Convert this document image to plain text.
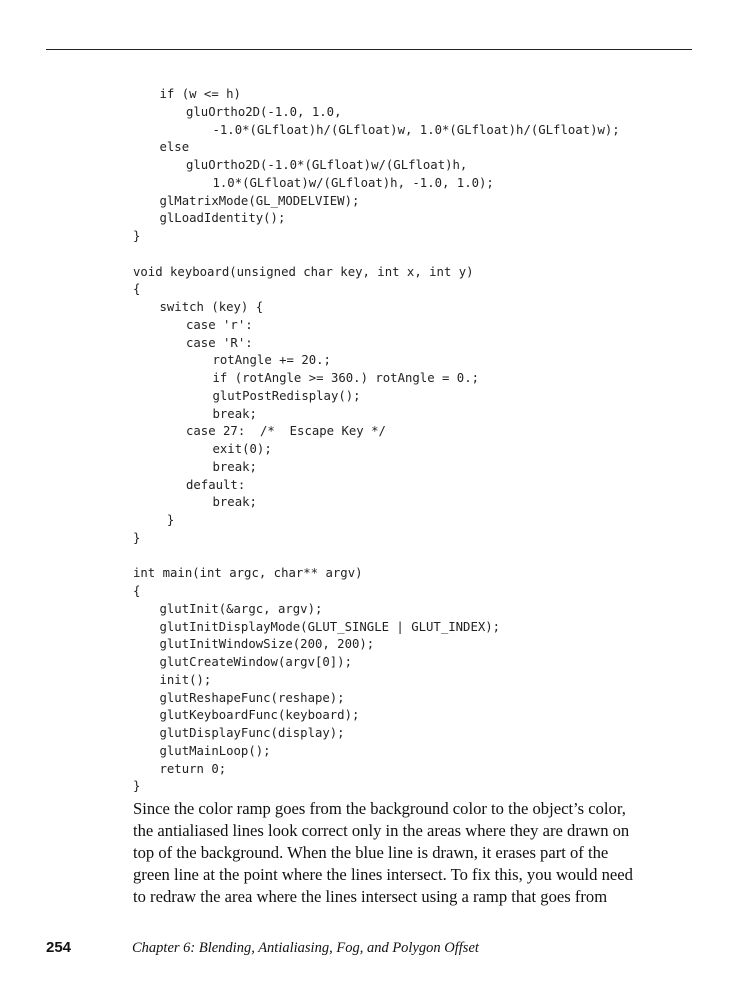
if (w <= h)
gluOrtho2D(-1.0, 1.0,
-1.0*(GLfloat)h/(GLfloat)w, 1.0*(GLfloat)h/(GLfloat)w);
else
gluOrtho2D(-1.0*(GLfloat)w/(GLfloat)h,
1.0*(GLfloat)w/(GLfloat)h, -1.0, 1.0);
glMatrixMode(GL_MODELVIEW);
glLoadIdentity();
}
void keyboard(unsigned char key, int x, int y)
{
switch (key) {
case 'r':
case 'R':
rotAngle += 20.;
if (rotAngle >= 360.) rotAngle = 0.;
glutPostRedisplay();
break;
case 27:  /*  Escape Key */
exit(0);
break;
default:
break;
}
}
int main(int argc, char** argv)
{
glutInit(&argc, argv);
glutInitDisplayMode(GLUT_SINGLE | GLUT_INDEX);
glutInitWindowSize(200, 200);
glutCreateWindow(argv[0]);
init();
glutReshapeFunc(reshape);
glutKeyboardFunc(keyboard);
glutDisplayFunc(display);
glutMainLoop();
return 0;
}
Since the color ramp goes from the background color to the object’s color,
the antialiased lines look correct only in the areas where they are drawn on
top of the background. When the blue line is drawn, it erases part of the
green line at the point where the lines intersect. To fix this, you would need
to redraw the area where the lines intersect using a ramp that goes from
254	Chapter 6: Blending, Antialiasing, Fog, and Polygon Offset
